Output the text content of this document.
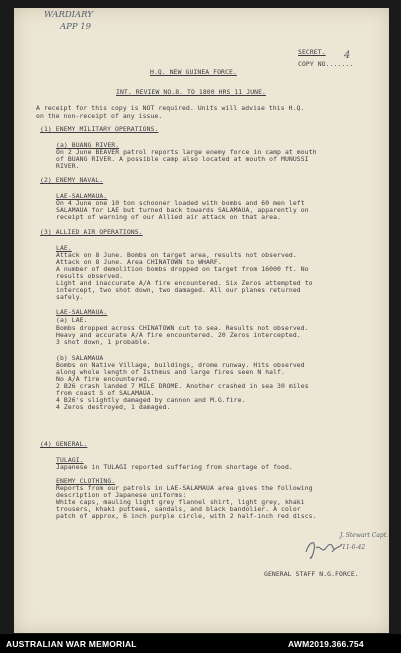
WARDIARY
APP 19
SECRET. 4
COPY NO.......
H.Q. NEW GUINEA FORCE.
INT. REVIEW NO.8. TO 1800 HRS 11 JUNE.
A receipt for this copy is NOT required. Units will advise this H.Q.
on the non-receipt of any issue.
(1) ENEMY MILITARY OPERATIONS.
(a) BUANG RIVER.
On 2 June BEAVER patrol reports large enemy force in camp at mouth
of BUANG RIVER. A possible camp also located at mouth of MUNUSSI
RIVER.
(2) ENEMY NAVAL.
LAE-SALAMAUA.
On 4 June one 10 ton schooner loaded with bombs and 60 men left
SALAMAUA for LAE but turned back towards SALAMAUA, apparently on
receipt of warning of our Allied air attack on that area.
(3) ALLIED AIR OPERATIONS.
LAE.
Attack on 8 June. Bombs on target area, results not observed.
Attack on 8 June. Area CHINATOWN to WHARF.
A number of demolition bombs dropped on target from 16000 ft. No
results observed.
Light and inaccurate A/A fire encountered. Six Zeros attempted to
intercept, two shot down, two damaged. All our planes returned
safely.
LAE-SALAMAUA.
(a) LAE.
Bombs dropped across CHINATOWN cut to sea. Results not observed.
Heavy and accurate A/A fire encountered. 20 Zeros intercepted.
3 shot down, 1 probable.
(b) SALAMAUA
Bombs on Native Village, buildings, drome runway. Hits observed
along whole length of Isthmus and large fires seen N half.
No A/A fire encountered.
2 B26 crash landed 7 MILE DROME. Another crashed in sea 30 miles
from coast S of SALAMAUA.
4 B26's slightly damaged by cannon and M.G.fire.
4 Zeros destroyed, 1 damaged.
(4) GENERAL.
TULAGI.
Japanese in TULAGI reported suffering from shortage of food.
ENEMY CLOTHING.
Reports from our patrols in LAE-SALAMAUA area gives the following
description of Japanese uniforms:
White caps, mauling light grey flannel shirt, light grey, khaki
trousers, khaki puttees, sandals, and black bandolier. A color
patch of approx, 6 inch purple circle, with 2 half-inch red discs.
J. Stewart Capt.
11-6-42
GENERAL STAFF N.G.FORCE.
AUSTRALIAN WAR MEMORIAL	AWM2019.366.754
